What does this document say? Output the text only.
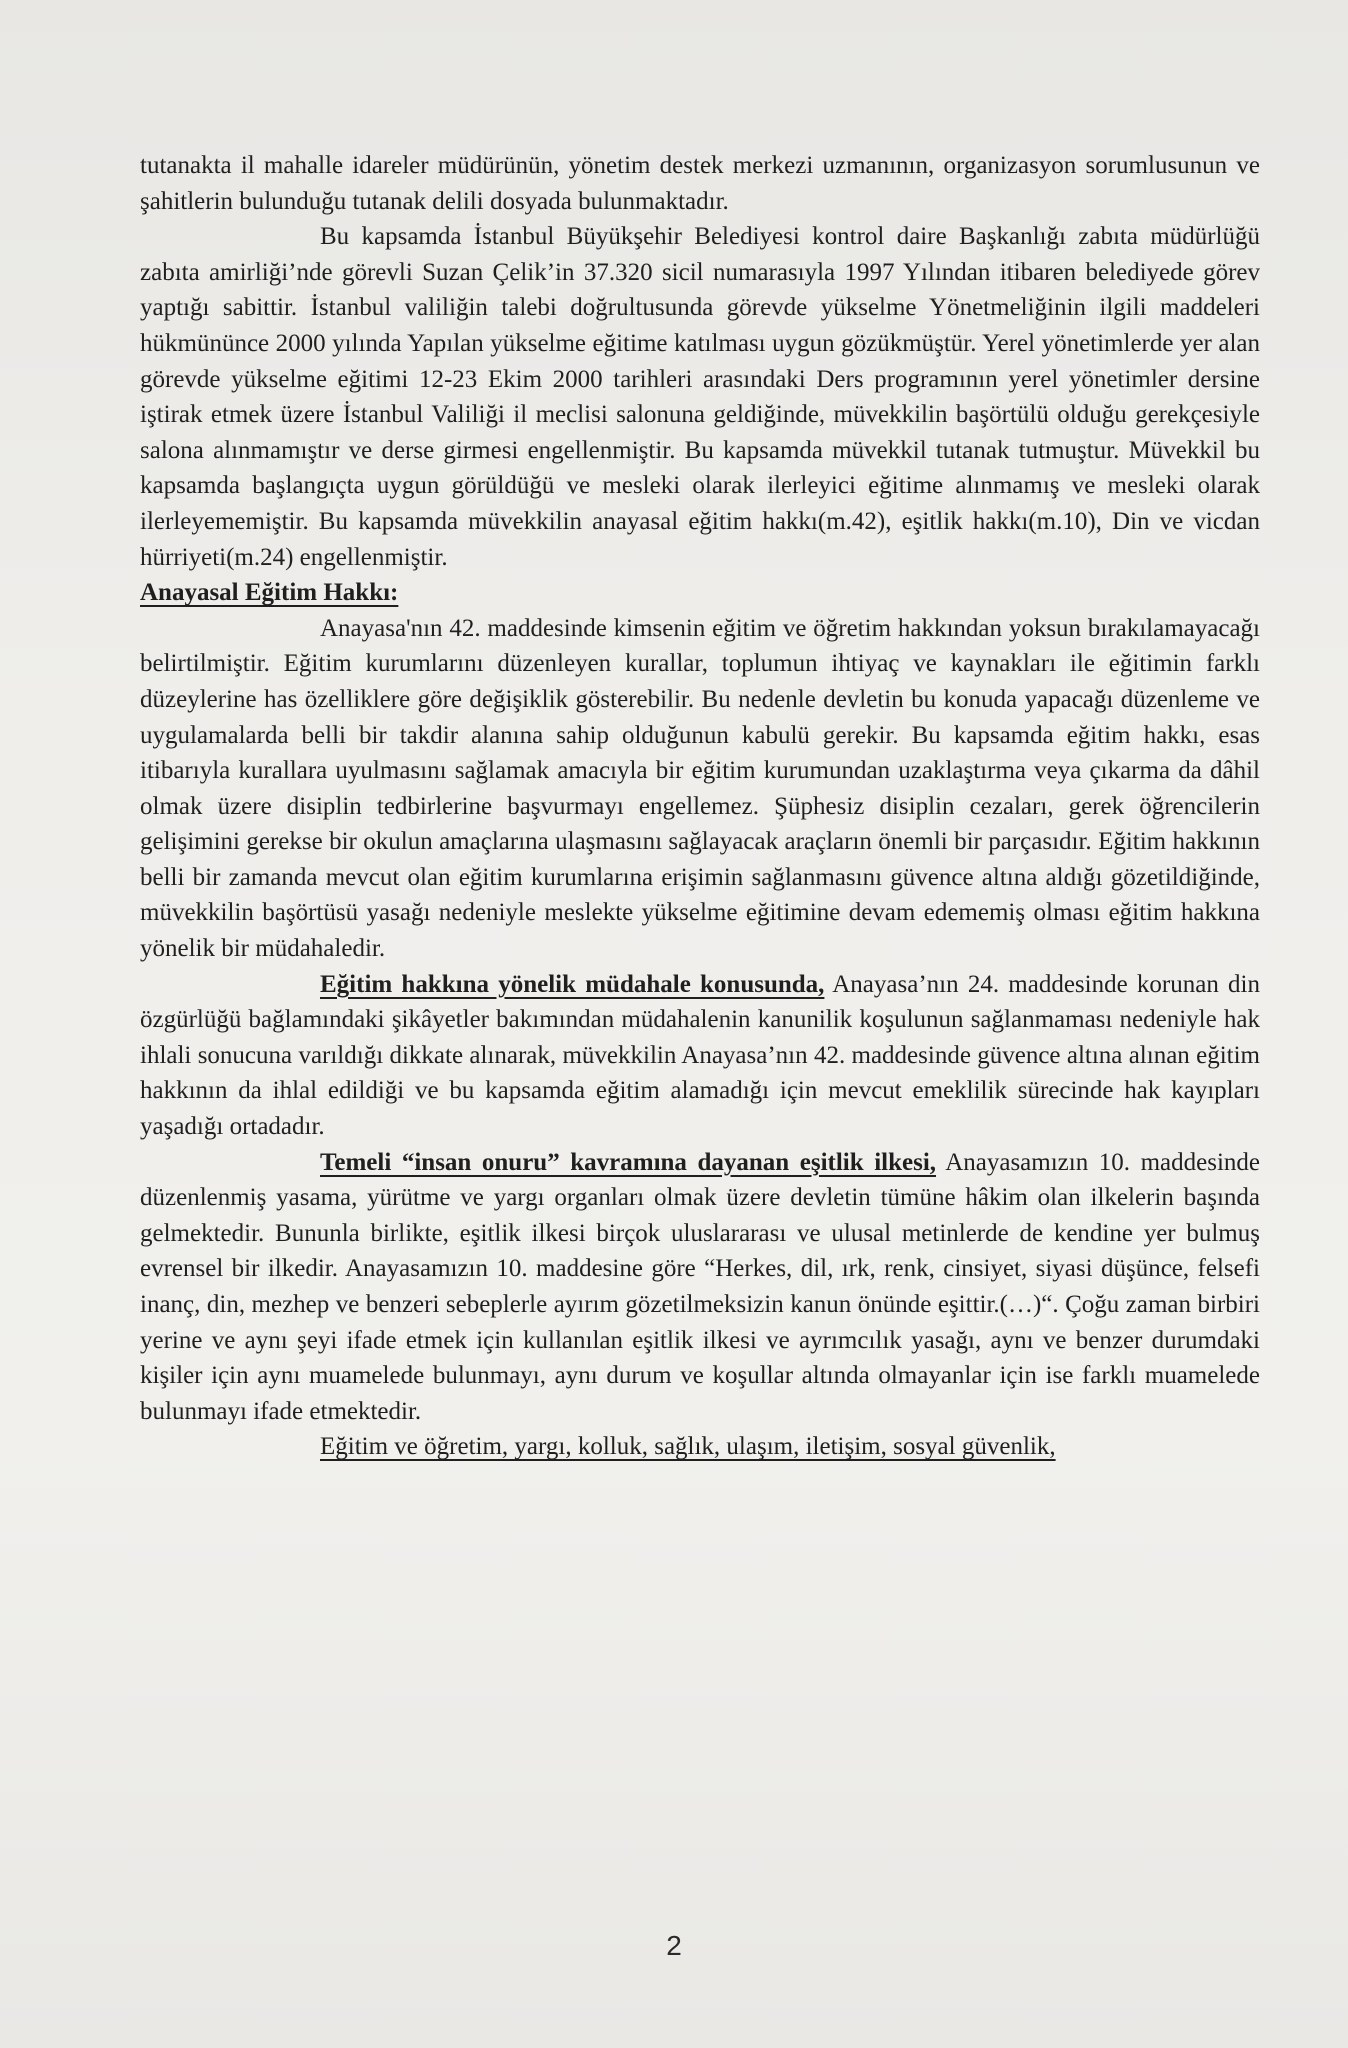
tutanakta il mahalle idareler müdürünün, yönetim destek merkezi uzmanının, organizasyon sorumlusunun ve şahitlerin bulunduğu tutanak delili dosyada bulunmaktadır.

Bu kapsamda İstanbul Büyükşehir Belediyesi kontrol daire Başkanlığı zabıta müdürlüğü zabıta amirliği’nde görevli Suzan Çelik’in 37.320 sicil numarasıyla 1997 Yılından itibaren belediyede görev yaptığı sabittir. İstanbul valiliğin talebi doğrultusunda görevde yükselme Yönetmeliğinin ilgili maddeleri hükmününce 2000 yılında Yapılan yükselme eğitime katılması uygun gözükmüştür. Yerel yönetimlerde yer alan görevde yükselme eğitimi 12-23 Ekim 2000 tarihleri arasındaki Ders programının yerel yönetimler dersine iştirak etmek üzere İstanbul Valiliği il meclisi salonuna geldiğinde, müvekkilin başörtülü olduğu gerekçesiyle salona alınmamıştır ve derse girmesi engellenmiştir. Bu kapsamda müvekkil tutanak tutmuştur. Müvekkil bu kapsamda başlangıçta uygun görüldüğü ve mesleki olarak ilerleyici eğitime alınmamış ve mesleki olarak ilerleyememiştir. Bu kapsamda müvekkilin anayasal eğitim hakkı(m.42), eşitlik hakkı(m.10), Din ve vicdan hürriyeti(m.24) engellenmiştir.

Anayasal Eğitim Hakkı:

Anayasa'nın 42. maddesinde kimsenin eğitim ve öğretim hakkından yoksun bırakılamayacağı belirtilmiştir. Eğitim kurumlarını düzenleyen kurallar, toplumun ihtiyaç ve kaynakları ile eğitimin farklı düzeylerine has özelliklere göre değişiklik gösterebilir. Bu nedenle devletin bu konuda yapacağı düzenleme ve uygulamalarda belli bir takdir alanına sahip olduğunun kabulü gerekir. Bu kapsamda eğitim hakkı, esas itibarıyla kurallara uyulmasını sağlamak amacıyla bir eğitim kurumundan uzaklaştırma veya çıkarma da dâhil olmak üzere disiplin tedbirlerine başvurmayı engellemez. Şüphesiz disiplin cezaları, gerek öğrencilerin gelişimini gerekse bir okulun amaçlarına ulaşmasını sağlayacak araçların önemli bir parçasıdır. Eğitim hakkının belli bir zamanda mevcut olan eğitim kurumlarına erişimin sağlanmasını güvence altına aldığı gözetildiğinde, müvekkilin başörtüsü yasağı nedeniyle meslekte yükselme eğitimine devam edememiş olması eğitim hakkına yönelik bir müdahaledir.

Eğitim hakkına yönelik müdahale konusunda, Anayasa’nın 24. maddesinde korunan din özgürlüğü bağlamındaki şikâyetler bakımından müdahalenin kanunilik koşulunun sağlanmaması nedeniyle hak ihlali sonucuna varıldığı dikkate alınarak, müvekkilin Anayasa’nın 42. maddesinde güvence altına alınan eğitim hakkının da ihlal edildiği ve bu kapsamda eğitim alamadığı için mevcut emeklilik sürecinde hak kayıpları yaşadığı ortadadır.

Temeli “insan onuru” kavramına dayanan eşitlik ilkesi, Anayasamızın 10. maddesinde düzenlenmiş yasama, yürütme ve yargı organları olmak üzere devletin tümüne hâkim olan ilkelerin başında gelmektedir. Bununla birlikte, eşitlik ilkesi birçok uluslararası ve ulusal metinlerde de kendine yer bulmuş evrensel bir ilkedir. Anayasamızın 10. maddesine göre “Herkes, dil, ırk, renk, cinsiyet, siyasi düşünce, felsefi inanç, din, mezhep ve benzeri sebeplerle ayırım gözetilmeksizin kanun önünde eşittir.(…)“. Çoğu zaman birbiri yerine ve aynı şeyi ifade etmek için kullanılan eşitlik ilkesi ve ayrımcılık yasağı, aynı ve benzer durumdaki kişiler için aynı muamelede bulunmayı, aynı durum ve koşullar altında olmayanlar için ise farklı muamelede bulunmayı ifade etmektedir.

Eğitim ve öğretim, yargı, kolluk, sağlık, ulaşım, iletişim, sosyal güvenlik,

2
